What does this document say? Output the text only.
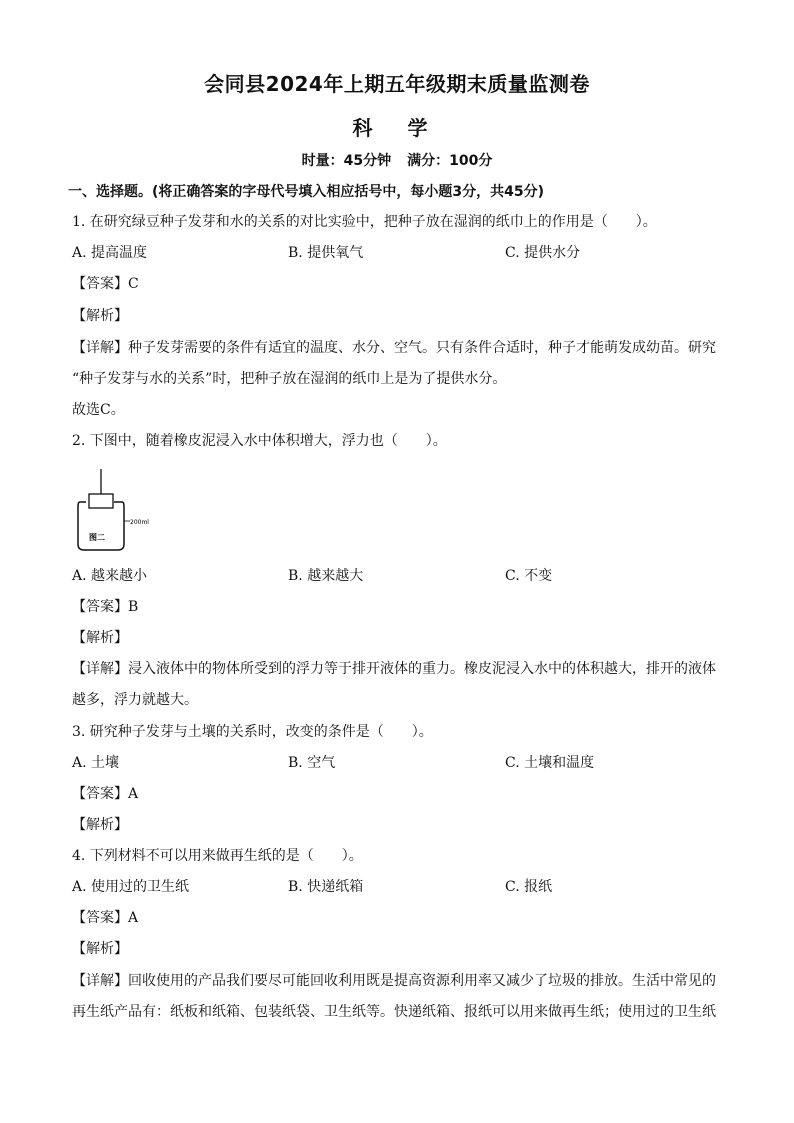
会同县2024年上期五年级期末质量监测卷
科 学
时量：45分钟 满分：100分
一、选择题。(将正确答案的字母代号填入相应括号中，每小题3分，共45分)
1. 在研究绿豆种子发芽和水的关系的对比实验中，把种子放在湿润的纸巾上的作用是（　　）。
A. 提高温度	B. 提供氧气	C. 提供水分
【答案】C
【解析】
【详解】种子发芽需要的条件有适宜的温度、水分、空气。只有条件合适时，种子才能萌发成幼苗。研究
“种子发芽与水的关系”时，把种子放在湿润的纸巾上是为了提供水分。
故选C。
2. 下图中，随着橡皮泥浸入水中体积增大，浮力也（　　）。
200ml
图二
A. 越来越小	B. 越来越大	C. 不变
【答案】B
【解析】
【详解】浸入液体中的物体所受到的浮力等于排开液体的重力。橡皮泥浸入水中的体积越大，排开的液体
越多，浮力就越大。
3. 研究种子发芽与土壤的关系时，改变的条件是（　　）。
A. 土壤	B. 空气	C. 土壤和温度
【答案】A
【解析】
4. 下列材料不可以用来做再生纸的是（　　）。
A. 使用过的卫生纸	B. 快递纸箱	C. 报纸
【答案】A
【解析】
【详解】回收使用的产品我们要尽可能回收利用既是提高资源利用率又减少了垃圾的排放。生活中常见的
再生纸产品有：纸板和纸箱、包装纸袋、卫生纸等。快递纸箱、报纸可以用来做再生纸；使用过的卫生纸
